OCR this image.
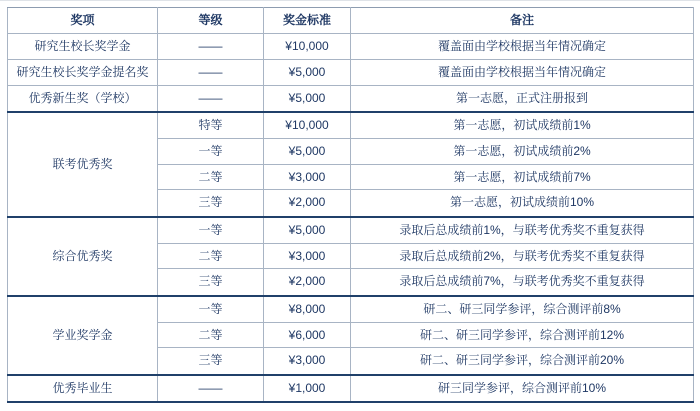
奖项	等级	奖金标准	备注
研究生校长奖学金	——	¥10,000	覆盖面由学校根据当年情况确定
研究生校长奖学金提名奖	——	¥5,000	覆盖面由学校根据当年情况确定
优秀新生奖（学校）	——	¥5,000	第一志愿，正式注册报到
联考优秀奖	特等	¥10,000	第一志愿，初试成绩前1%
	一等	¥5,000	第一志愿，初试成绩前2%
	二等	¥3,000	第一志愿，初试成绩前7%
	三等	¥2,000	第一志愿，初试成绩前10%
综合优秀奖	一等	¥5,000	录取后总成绩前1%，与联考优秀奖不重复获得
	二等	¥3,000	录取后总成绩前2%，与联考优秀奖不重复获得
	三等	¥2,000	录取后总成绩前7%，与联考优秀奖不重复获得
学业奖学金	一等	¥8,000	研二、研三同学参评，综合测评前8%
	二等	¥6,000	研二、研三同学参评，综合测评前12%
	三等	¥3,000	研二、研三同学参评，综合测评前20%
优秀毕业生	——	¥1,000	研三同学参评，综合测评前10%
